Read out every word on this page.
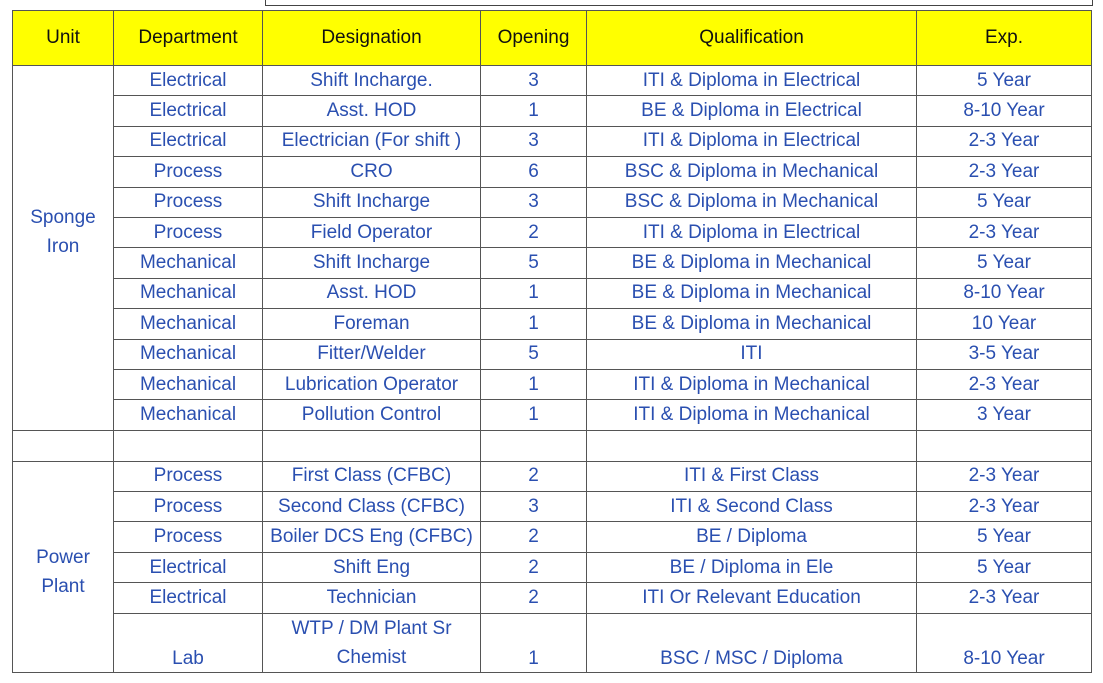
Unit	Department	Designation	Opening	Qualification	Exp.
Sponge Iron	Electrical	Shift Incharge.	3	ITI & Diploma in Electrical	5 Year
	Electrical	Asst. HOD	1	BE & Diploma in Electrical	8-10 Year
	Electrical	Electrician (For shift )	3	ITI & Diploma in Electrical	2-3 Year
	Process	CRO	6	BSC & Diploma in Mechanical	2-3 Year
	Process	Shift Incharge	3	BSC & Diploma in Mechanical	5 Year
	Process	Field Operator	2	ITI & Diploma in Electrical	2-3 Year
	Mechanical	Shift Incharge	5	BE & Diploma in Mechanical	5 Year
	Mechanical	Asst. HOD	1	BE & Diploma in Mechanical	8-10 Year
	Mechanical	Foreman	1	BE & Diploma in Mechanical	10 Year
	Mechanical	Fitter/Welder	5	ITI	3-5 Year
	Mechanical	Lubrication Operator	1	ITI & Diploma in Mechanical	2-3 Year
	Mechanical	Pollution Control	1	ITI & Diploma in Mechanical	3 Year

Power Plant	Process	First Class (CFBC)	2	ITI & First Class	2-3 Year
	Process	Second Class (CFBC)	3	ITI & Second Class	2-3 Year
	Process	Boiler DCS Eng (CFBC)	2	BE / Diploma	5 Year
	Electrical	Shift Eng	2	BE / Diploma in Ele	5 Year
	Electrical	Technician	2	ITI Or Relevant Education	2-3 Year
	Lab	WTP / DM Plant Sr Chemist	1	BSC / MSC / Diploma	8-10 Year
